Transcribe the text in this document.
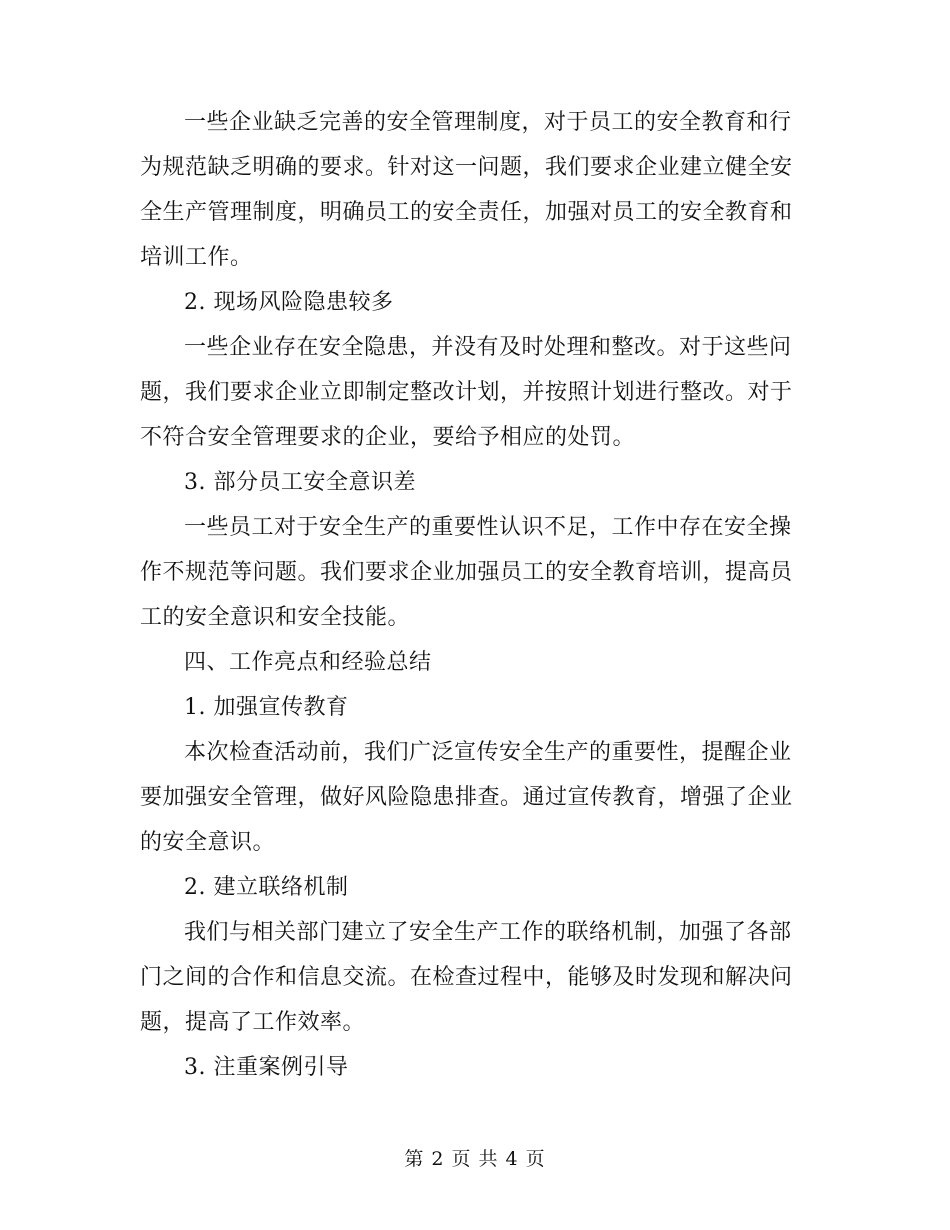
一些企业缺乏完善的安全管理制度，对于员工的安全教育和行为规范缺乏明确的要求。针对这一问题，我们要求企业建立健全安全生产管理制度，明确员工的安全责任，加强对员工的安全教育和培训工作。

2. 现场风险隐患较多

一些企业存在安全隐患，并没有及时处理和整改。对于这些问题，我们要求企业立即制定整改计划，并按照计划进行整改。对于不符合安全管理要求的企业，要给予相应的处罚。

3. 部分员工安全意识差

一些员工对于安全生产的重要性认识不足，工作中存在安全操作不规范等问题。我们要求企业加强员工的安全教育培训，提高员工的安全意识和安全技能。

四、工作亮点和经验总结

1. 加强宣传教育

本次检查活动前，我们广泛宣传安全生产的重要性，提醒企业要加强安全管理，做好风险隐患排查。通过宣传教育，增强了企业的安全意识。

2. 建立联络机制

我们与相关部门建立了安全生产工作的联络机制，加强了各部门之间的合作和信息交流。在检查过程中，能够及时发现和解决问题，提高了工作效率。

3. 注重案例引导

第 2 页 共 4 页
